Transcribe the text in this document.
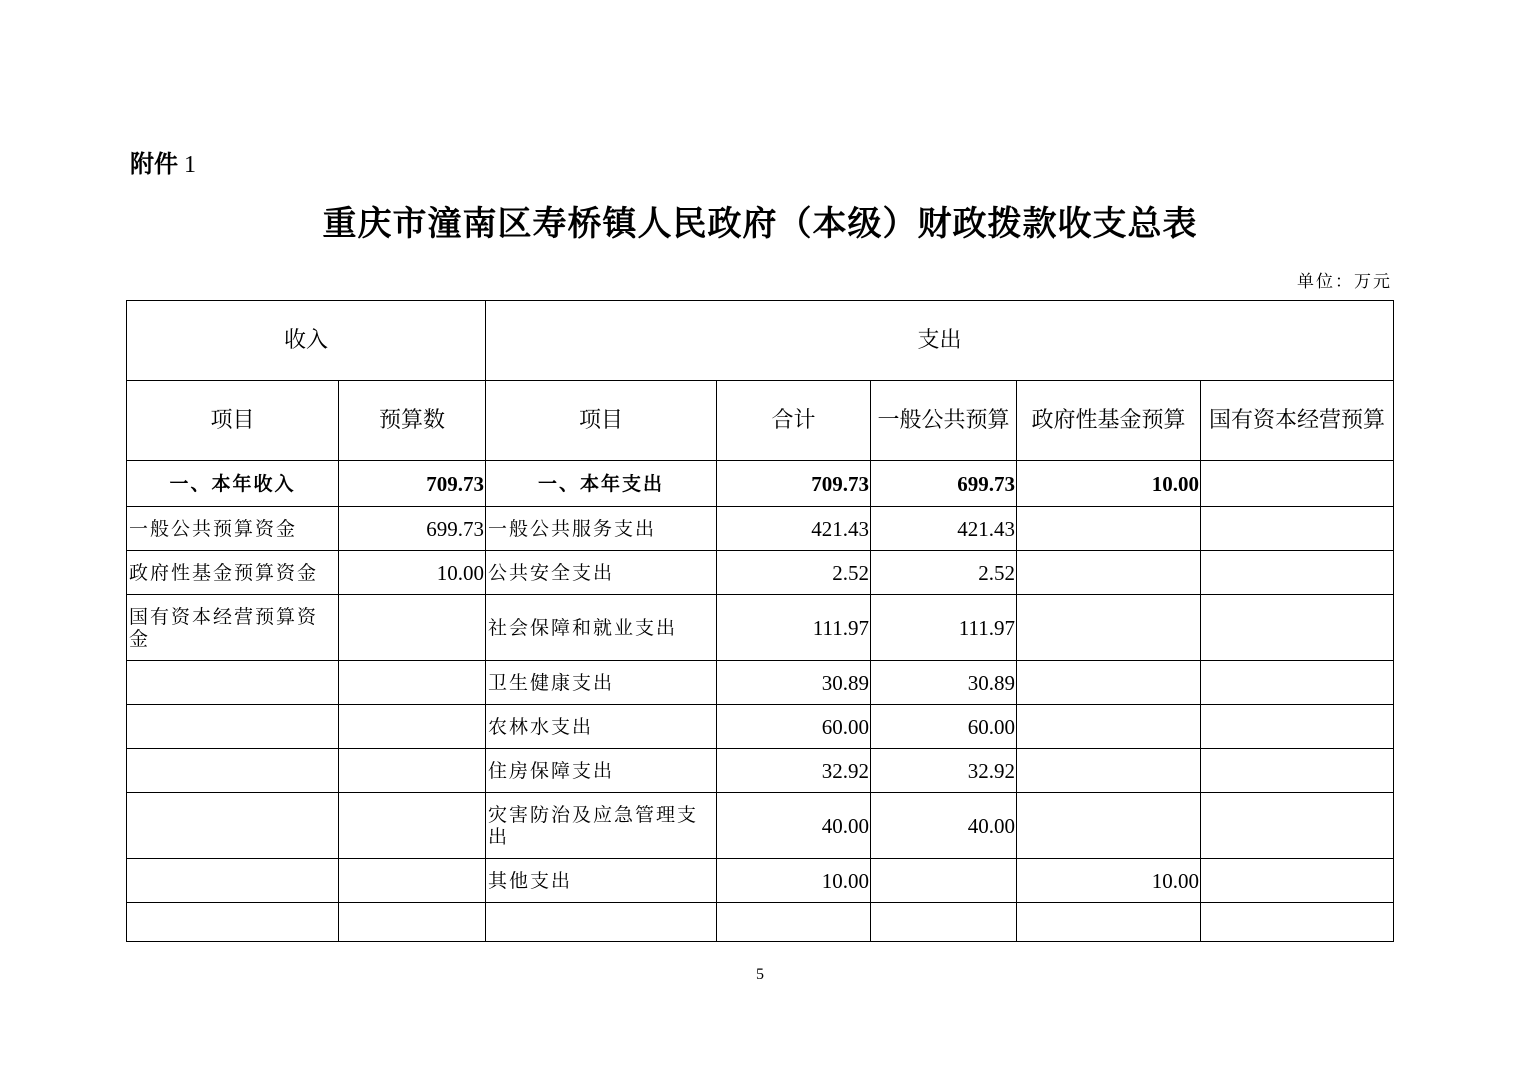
附件 1
重庆市潼南区寿桥镇人民政府（本级）财政拨款收支总表
单位：万元
收入		支出				
项目	预算数	项目	合计	一般公共预算	政府性基金预算	国有资本经营预算
一、本年收入	709.73	一、本年支出	709.73	699.73	10.00	
一般公共预算资金	699.73	一般公共服务支出	421.43	421.43		
政府性基金预算资金	10.00	公共安全支出	2.52	2.52		
国有资本经营预算资金		社会保障和就业支出	111.97	111.97		
		卫生健康支出	30.89	30.89		
		农林水支出	60.00	60.00		
		住房保障支出	32.92	32.92		
		灾害防治及应急管理支出	40.00	40.00		
		其他支出	10.00		10.00	

5
